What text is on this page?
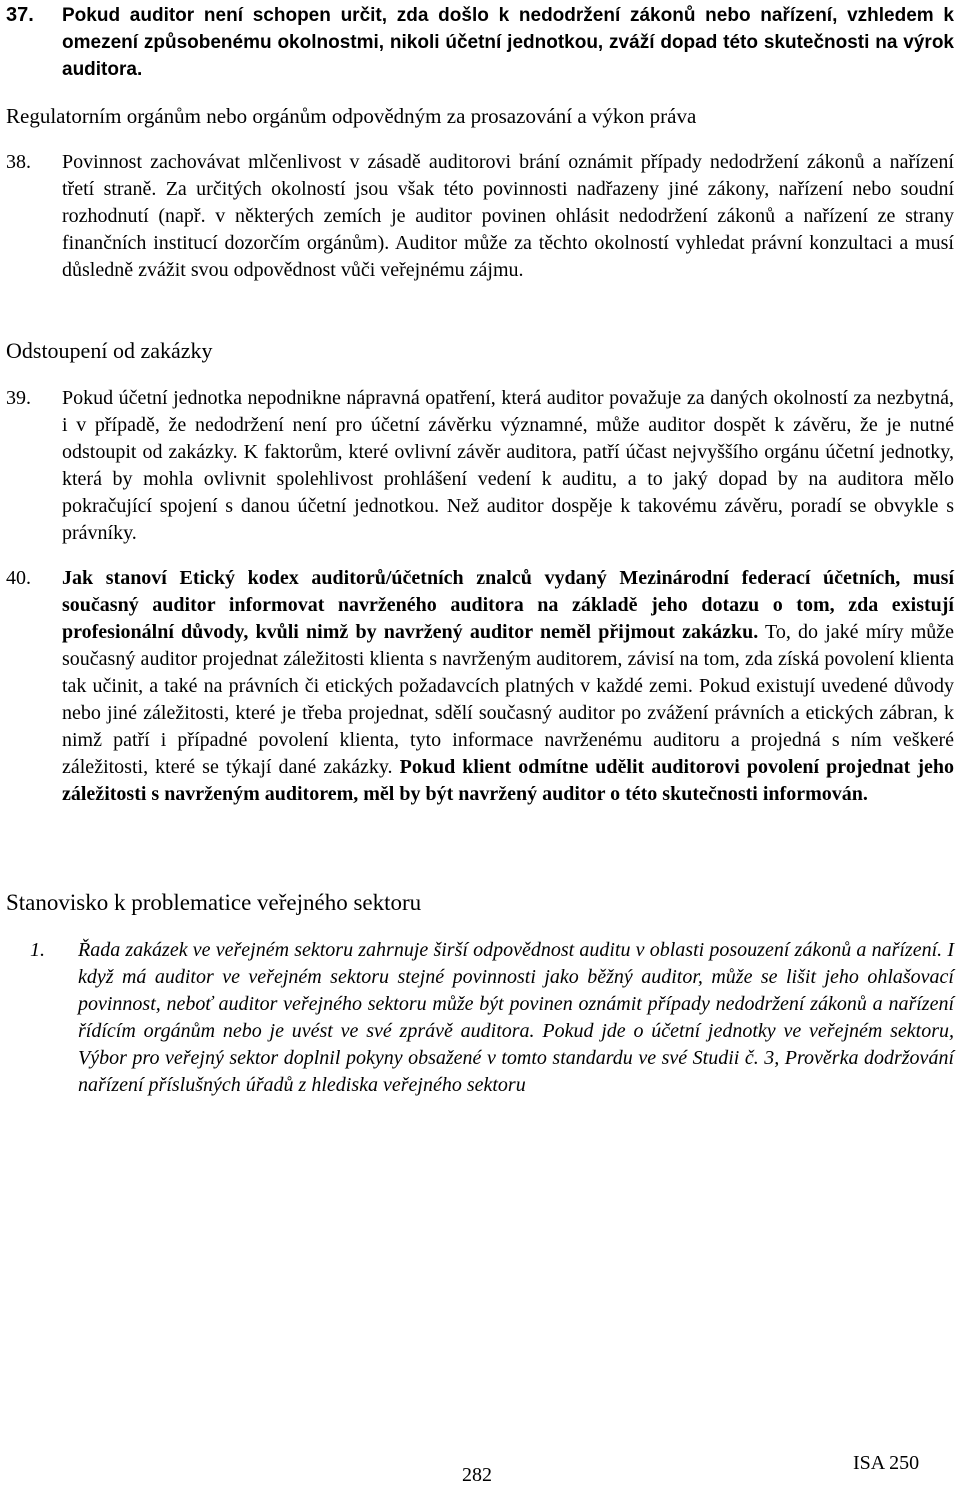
37. Pokud auditor není schopen určit, zda došlo k nedodržení zákonů nebo nařízení, vzhledem k omezení způsobenému okolnostmi, nikoli účetní jednotkou, zváží dopad této skutečnosti na výrok auditora.

Regulatorním orgánům nebo orgánům odpovědným za prosazování a výkon práva

38. Povinnost zachovávat mlčenlivost v zásadě auditorovi brání oznámit případy nedodržení zákonů a nařízení třetí straně. Za určitých okolností jsou však této povinnosti nadřazeny jiné zákony, nařízení nebo soudní rozhodnutí (např. v některých zemích je auditor povinen ohlásit nedodržení zákonů a nařízení ze strany finančních institucí dozorčím orgánům). Auditor může za těchto okolností vyhledat právní konzultaci a musí důsledně zvážit svou odpovědnost vůči veřejnému zájmu.

Odstoupení od zakázky

39. Pokud účetní jednotka nepodnikne nápravná opatření, která auditor považuje za daných okolností za nezbytná, i v případě, že nedodržení není pro účetní závěrku významné, může auditor dospět k závěru, že je nutné odstoupit od zakázky. K faktorům, které ovlivní závěr auditora, patří účast nejvyššího orgánu účetní jednotky, která by mohla ovlivnit spolehlivost prohlášení vedení k auditu, a to jaký dopad by na auditora mělo pokračující spojení s danou účetní jednotkou. Než auditor dospěje k takovému závěru, poradí se obvykle s právníky.

40. Jak stanoví Etický kodex auditorů/účetních znalců vydaný Mezinárodní federací účetních, musí současný auditor informovat navrženého auditora na základě jeho dotazu o tom, zda existují profesionální důvody, kvůli nimž by navržený auditor neměl přijmout zakázku. To, do jaké míry může současný auditor projednat záležitosti klienta s navrženým auditorem, závisí na tom, zda získá povolení klienta tak učinit, a také na právních či etických požadavcích platných v každé zemi. Pokud existují uvedené důvody nebo jiné záležitosti, které je třeba projednat, sdělí současný auditor po zvážení právních a etických zábran, k nimž patří i případné povolení klienta, tyto informace navrženému auditoru a projedná s ním veškeré záležitosti, které se týkají dané zakázky. Pokud klient odmítne udělit auditorovi povolení projednat jeho záležitosti s navrženým auditorem, měl by být navržený auditor o této skutečnosti informován.

Stanovisko k problematice veřejného sektoru

1. Řada zakázek ve veřejném sektoru zahrnuje širší odpovědnost auditu v oblasti posouzení zákonů a nařízení. I když má auditor ve veřejném sektoru stejné povinnosti jako běžný auditor, může se lišit jeho ohlašovací povinnost, neboť auditor veřejného sektoru může být povinen oznámit případy nedodržení zákonů a nařízení řídícím orgánům nebo je uvést ve své zprávě auditora. Pokud jde o účetní jednotky ve veřejném sektoru, Výbor pro veřejný sektor doplnil pokyny obsažené v tomto standardu ve své Studii č. 3, Prověrka dodržování nařízení příslušných úřadů z hlediska veřejného sektoru

282

ISA 250
